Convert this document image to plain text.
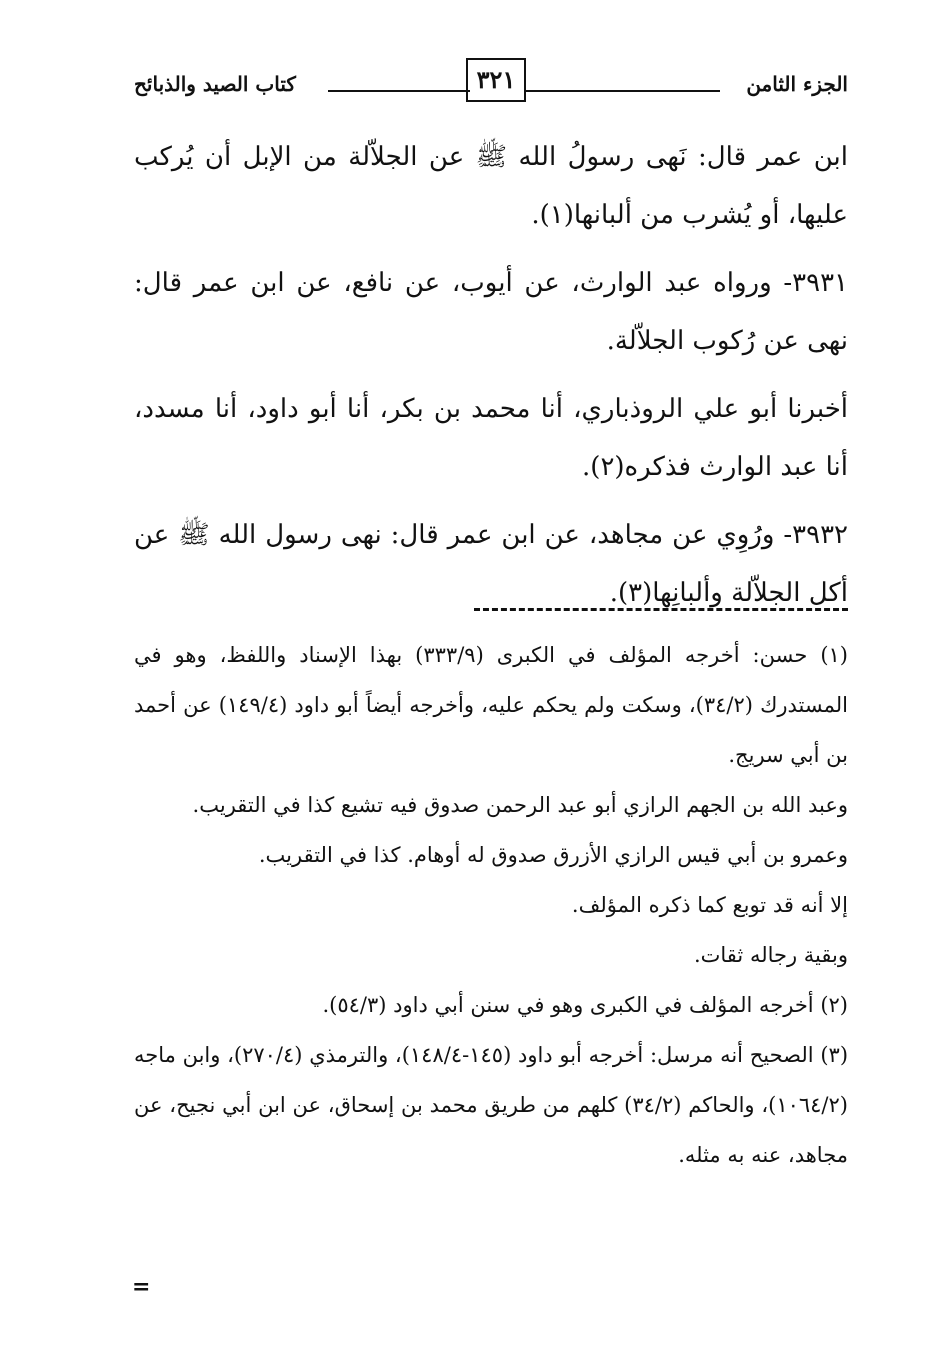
الجزء الثامن
٣٢١
كتاب الصيد والذبائح

ابن عمر قال: نَهى رسولُ الله ﷺ عن الجلاّلة من الإبل أن يُركب عليها، أو يُشرب من ألبانها(١).

٣٩٣١- ورواه عبد الوارث، عن أيوب، عن نافع، عن ابن عمر قال: نهى عن رُكوب الجلاّلة.

أخبرنا أبو علي الروذباري، أنا محمد بن بكر، أنا أبو داود، أنا مسدد، أنا عبد الوارث فذكره(٢).

٣٩٣٢- ورُوِي عن مجاهد، عن ابن عمر قال: نهى رسول الله ﷺ عن أكل الجلاّلة وألبانِها(٣).

(١) حسن: أخرجه المؤلف في الكبرى (٣٣٣/٩) بهذا الإسناد واللفظ، وهو في المستدرك (٣٤/٢)، وسكت ولم يحكم عليه، وأخرجه أيضاً أبو داود (١٤٩/٤) عن أحمد بن أبي سريج.

وعبد الله بن الجهم الرازي أبو عبد الرحمن صدوق فيه تشيع كذا في التقريب.

وعمرو بن أبي قيس الرازي الأزرق صدوق له أوهام. كذا في التقريب.

إلا أنه قد توبع كما ذكره المؤلف.

وبقية رجاله ثقات.

(٢) أخرجه المؤلف في الكبرى وهو في سنن أبي داود (٥٤/٣).

(٣) الصحيح أنه مرسل: أخرجه أبو داود (١٤٥-١٤٨/٤)، والترمذي (٢٧٠/٤)، وابن ماجه (١٠٦٤/٢)، والحاكم (٣٤/٢) كلهم من طريق محمد بن إسحاق، عن ابن أبي نجيح، عن مجاهد، عنه به مثله.

=
